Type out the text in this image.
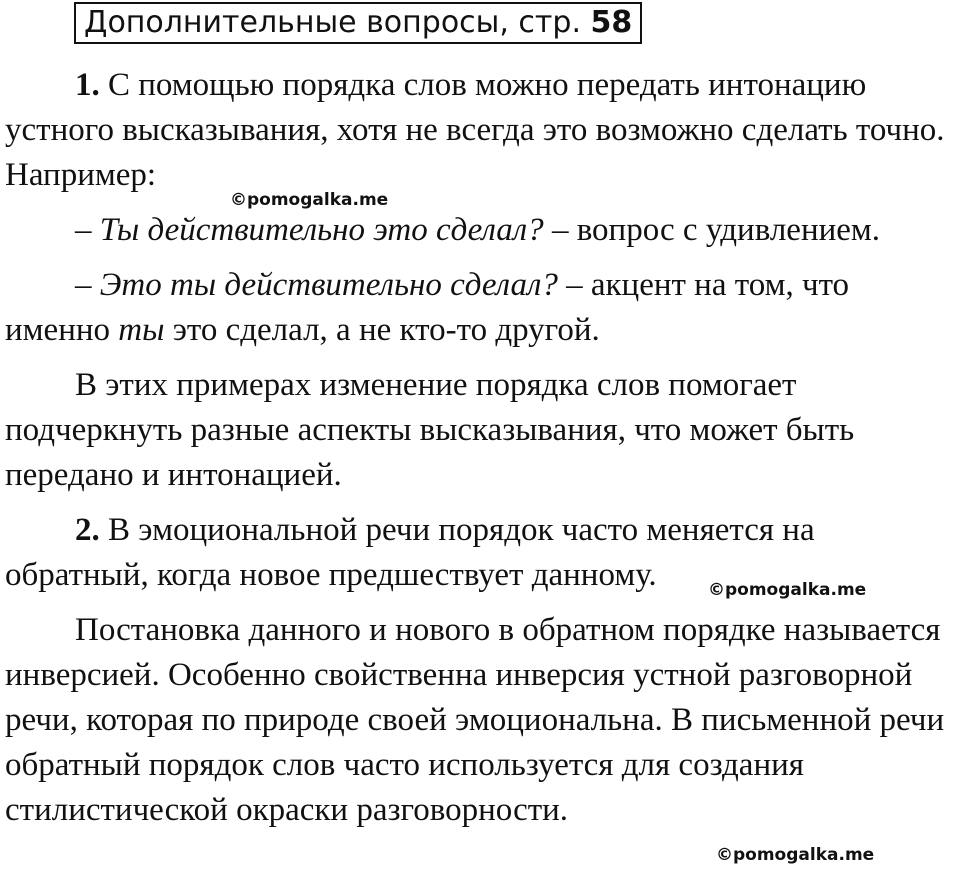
Дополнительные вопросы, стр. 58

1. С помощью порядка слов можно передать интонацию устного высказывания, хотя не всегда это возможно сделать точно. Например:

– Ты действительно это сделал? – вопрос с удивлением.

– Это ты действительно сделал? – акцент на том, что именно ты это сделал, а не кто-то другой.

В этих примерах изменение порядка слов помогает подчеркнуть разные аспекты высказывания, что может быть передано и интонацией.

2. В эмоциональной речи порядок часто меняется на обратный, когда новое предшествует данному.

Постановка данного и нового в обратном порядке называется инверсией. Особенно свойственна инверсия устной разговорной речи, которая по природе своей эмоциональна. В письменной речи обратный порядок слов часто используется для создания стилистической окраски разговорности.

©pomogalka.me
©pomogalka.me
©pomogalka.me
